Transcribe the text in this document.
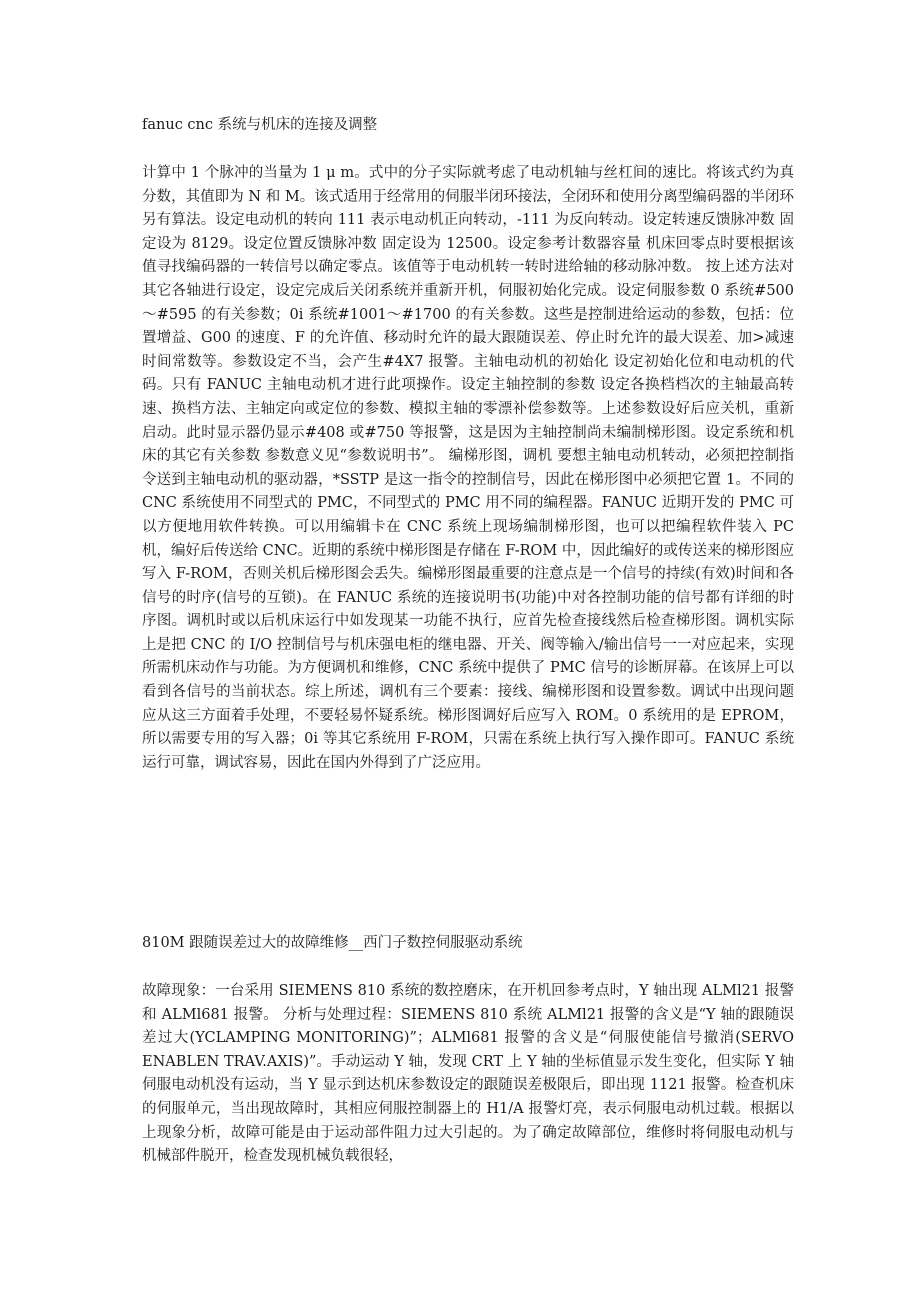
fanuc cnc 系统与机床的连接及调整

计算中 1 个脉冲的当量为 1 μ m。式中的分子实际就考虑了电动机轴与丝杠间的速比。将该式约为真分数，其值即为 N 和 M。该式适用于经常用的伺服半闭环接法，全闭环和使用分离型编码器的半闭环另有算法。设定电动机的转向 111 表示电动机正向转动，-111 为反向转动。设定转速反馈脉冲数 固定设为 8129。设定位置反馈脉冲数 固定设为 12500。设定参考计数器容量 机床回零点时要根据该值寻找编码器的一转信号以确定零点。该值等于电动机转一转时进给轴的移动脉冲数。 按上述方法对其它各轴进行设定，设定完成后关闭系统并重新开机，伺服初始化完成。设定伺服参数 0 系统#500～#595 的有关参数；0i 系统#1001～#1700 的有关参数。这些是控制进给运动的参数，包括：位置增益、G00 的速度、F 的允许值、移动时允许的最大跟随误差、停止时允许的最大误差、加>减速时间常数等。参数设定不当，会产生#4X7 报警。主轴电动机的初始化 设定初始化位和电动机的代码。只有 FANUC 主轴电动机才进行此项操作。设定主轴控制的参数 设定各换档档次的主轴最高转速、换档方法、主轴定向或定位的参数、模拟主轴的零漂补偿参数等。上述参数设好后应关机，重新启动。此时显示器仍显示#408 或#750 等报警，这是因为主轴控制尚未编制梯形图。设定系统和机床的其它有关参数 参数意义见“参数说明书”。 编梯形图，调机 要想主轴电动机转动，必须把控制指令送到主轴电动机的驱动器，*SSTP 是这一指令的控制信号，因此在梯形图中必须把它置 1。不同的 CNC 系统使用不同型式的 PMC，不同型式的 PMC 用不同的编程器。FANUC 近期开发的 PMC 可以方便地用软件转换。可以用编辑卡在 CNC 系统上现场编制梯形图，也可以把编程软件装入 PC 机，编好后传送给 CNC。近期的系统中梯形图是存储在 F-ROM 中，因此编好的或传送来的梯形图应写入 F-ROM，否则关机后梯形图会丢失。编梯形图最重要的注意点是一个信号的持续(有效)时间和各信号的时序(信号的互锁)。在 FANUC 系统的连接说明书(功能)中对各控制功能的信号都有详细的时序图。调机时或以后机床运行中如发现某一功能不执行，应首先检查接线然后检查梯形图。调机实际上是把 CNC 的 I/O 控制信号与机床强电柜的继电器、开关、阀等输入/输出信号一一对应起来，实现所需机床动作与功能。为方便调机和维修，CNC 系统中提供了 PMC 信号的诊断屏幕。在该屏上可以看到各信号的当前状态。综上所述，调机有三个要素：接线、编梯形图和设置参数。调试中出现问题应从这三方面着手处理，不要轻易怀疑系统。梯形图调好后应写入 ROM。0 系统用的是 EPROM，所以需要专用的写入器；0i 等其它系统用 F-ROM，只需在系统上执行写入操作即可。FANUC 系统运行可靠，调试容易，因此在国内外得到了广泛应用。

810M 跟随误差过大的故障维修__西门子数控伺服驱动系统

故障现象：一台采用 SIEMENS 810 系统的数控磨床，在开机回参考点时，Y 轴出现 ALMl21 报警和 ALMl681 报警。 分析与处理过程：SIEMENS 810 系统 ALMl21 报警的含义是“Y 轴的跟随误差过大(YCLAMPING MONITORING)”；ALMl681 报警的含义是“伺服使能信号撤消(SERVO ENABLEN TRAV.AXIS)”。手动运动 Y 轴，发现 CRT 上 Y 轴的坐标值显示发生变化，但实际 Y 轴伺服电动机没有运动，当 Y 显示到达机床参数设定的跟随误差极限后，即出现 1121 报警。检查机床的伺服单元，当出现故障时，其相应伺服控制器上的 H1/A 报警灯亮，表示伺服电动机过载。根据以上现象分析，故障可能是由于运动部件阻力过大引起的。为了确定故障部位，维修时将伺服电动机与机械部件脱开，检查发现机械负载很轻，
